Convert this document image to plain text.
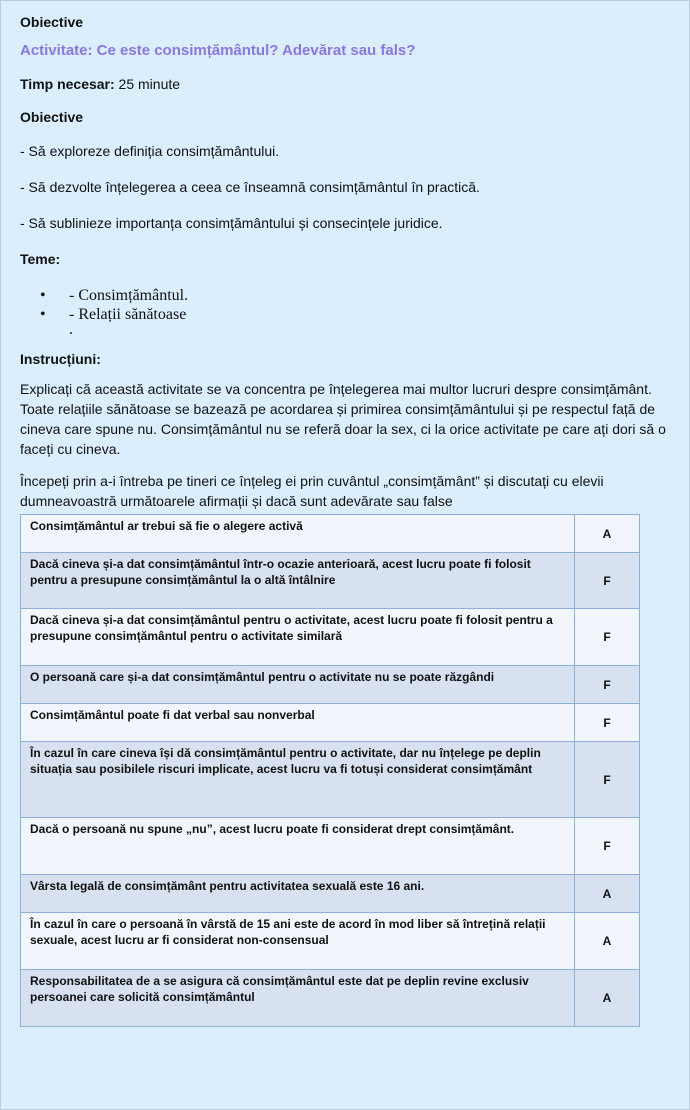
Obiective
Activitate: Ce este consimțământul? Adevărat sau fals?
Timp necesar: 25 minute
Obiective
- Să exploreze definiția consimțământului.
- Să dezvolte înțelegerea a ceea ce înseamnă consimțământul în practică.
- Să sublinieze importanța consimțământului și consecințele juridice.
Teme:
• - Consimțământul.
• - Relații sănătoase
.
Instrucțiuni:
Explicați că această activitate se va concentra pe înțelegerea mai multor lucruri despre consimțământ. Toate relațiile sănătoase se bazează pe acordarea și primirea consimțământului și pe respectul față de cineva care spune nu. Consimțământul nu se referă doar la sex, ci la orice activitate pe care ați dori să o faceți cu cineva.
Începeți prin a-i întreba pe tineri ce înțeleg ei prin cuvântul „consimțământ” și discutați cu elevii dumneavoastră următoarele afirmații și dacă sunt adevărate sau false
Consimțământul ar trebui să fie o alegere activă	A
Dacă cineva și-a dat consimțământul într-o ocazie anterioară, acest lucru poate fi folosit pentru a presupune consimțământul la o altă întâlnire	F
Dacă cineva și-a dat consimțământul pentru o activitate, acest lucru poate fi folosit pentru a presupune consimțământul pentru o activitate similară	F
O persoană care și-a dat consimțământul pentru o activitate nu se poate răzgândi	F
Consimțământul poate fi dat verbal sau nonverbal	F
În cazul în care cineva își dă consimțământul pentru o activitate, dar nu înțelege pe deplin situația sau posibilele riscuri implicate, acest lucru va fi totuși considerat consimțământ	F
Dacă o persoană nu spune „nu”, acest lucru poate fi considerat drept consimțământ.	F
Vârsta legală de consimțământ pentru activitatea sexuală este 16 ani.	A
În cazul în care o persoană în vârstă de 15 ani este de acord în mod liber să întrețină relații sexuale, acest lucru ar fi considerat non-consensual	A
Responsabilitatea de a se asigura că consimțământul este dat pe deplin revine exclusiv persoanei care solicită consimțământul	A
